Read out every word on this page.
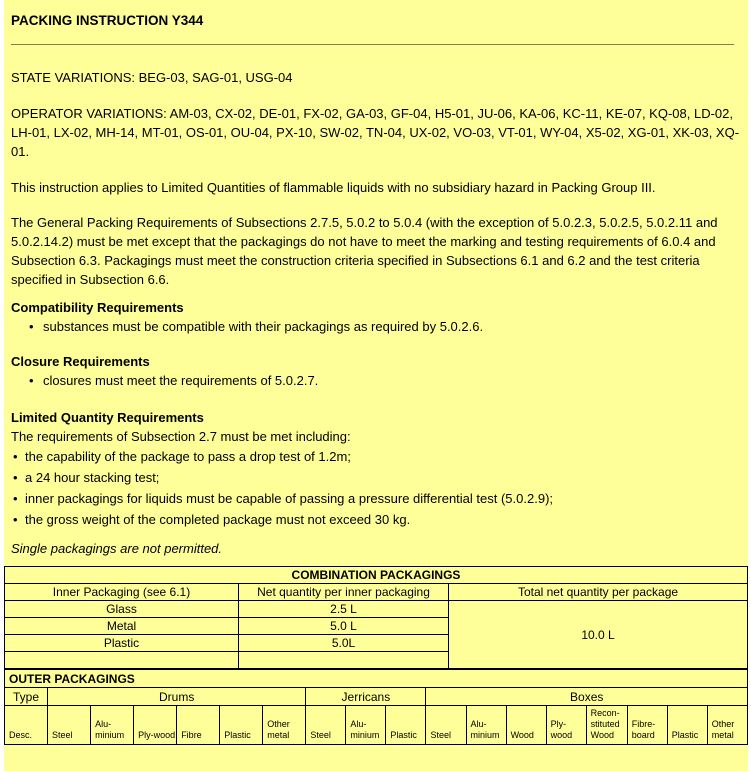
PACKING INSTRUCTION Y344
____________________________________________________________________________________________________

STATE VARIATIONS: BEG-03, SAG-01, USG-04

OPERATOR VARIATIONS: AM-03, CX-02, DE-01, FX-02, GA-03, GF-04, H5-01, JU-06, KA-06, KC-11, KE-07, KQ-08, LD-02, LH-01, LX-02, MH-14, MT-01, OS-01, OU-04, PX-10, SW-02, TN-04, UX-02, VO-03, VT-01, WY-04, X5-02, XG-01, XK-03, XQ-01.

This instruction applies to Limited Quantities of flammable liquids with no subsidiary hazard in Packing Group III.

The General Packing Requirements of Subsections 2.7.5, 5.0.2 to 5.0.4 (with the exception of 5.0.2.3, 5.0.2.5, 5.0.2.11 and 5.0.2.14.2) must be met except that the packagings do not have to meet the marking and testing requirements of 6.0.4 and Subsection 6.3. Packagings must meet the construction criteria specified in Subsections 6.1 and 6.2 and the test criteria specified in Subsection 6.6.

Compatibility Requirements
• substances must be compatible with their packagings as required by 5.0.2.6.
Closure Requirements
• closures must meet the requirements of 5.0.2.7.
Limited Quantity Requirements

The requirements of Subsection 2.7 must be met including:

• the capability of the package to pass a drop test of 1.2m;
• a 24 hour stacking test;
• inner packagings for liquids must be capable of passing a pressure differential test (5.0.2.9);
• the gross weight of the completed package must not exceed 30 kg.

Single packagings are not permitted.

COMBINATION PACKAGINGS		
Inner Packaging (see 6.1)	Net quantity per inner packaging	Total net quantity per package
Glass	2.5 L	10.0 L
Metal	5.0 L	
Plastic	5.0L	

OUTER PACKAGINGS																	
Type	Drums						Jerricans			Boxes							
Desc.	Steel	Alu-minium	Ply-wood	Fibre	Plastic	Other metal	Steel	Alu-minium	Plastic	Steel	Alu-minium	Wood	Ply-wood	Recon-stituted Wood	Fibre-board	Plastic	Other metal
